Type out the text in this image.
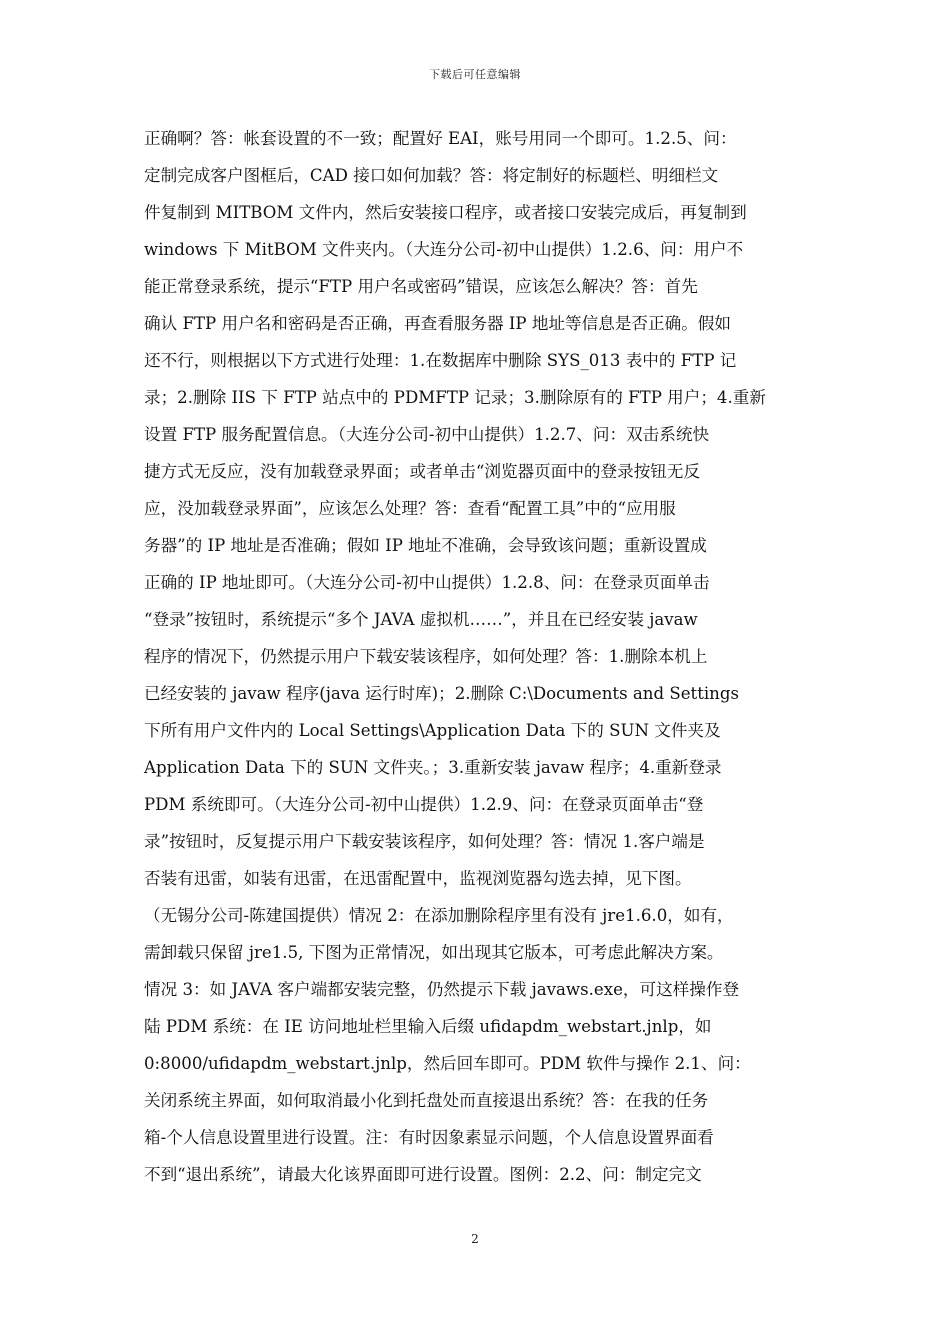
下载后可任意编辑
正确啊？答：帐套设置的不一致；配置好 EAI，账号用同一个即可。1.2.5、问：
定制完成客户图框后，CAD 接口如何加载？答：将定制好的标题栏、明细栏文
件复制到 MITBOM 文件内，然后安装接口程序，或者接口安装完成后，再复制到
windows 下 MitBOM 文件夹内。（大连分公司-初中山提供）1.2.6、问：用户不
能正常登录系统，提示“FTP 用户名或密码”错误，应该怎么解决？答：首先
确认 FTP 用户名和密码是否正确，再查看服务器 IP 地址等信息是否正确。假如
还不行，则根据以下方式进行处理：1.在数据库中删除 SYS_013 表中的 FTP 记
录；2.删除 IIS 下 FTP 站点中的 PDMFTP 记录；3.删除原有的 FTP 用户；4.重新
设置 FTP 服务配置信息。（大连分公司-初中山提供）1.2.7、问：双击系统快
捷方式无反应，没有加载登录界面；或者单击“浏览器页面中的登录按钮无反
应，没加载登录界面”，应该怎么处理？答：查看“配置工具”中的“应用服
务器”的 IP 地址是否准确；假如 IP 地址不准确，会导致该问题；重新设置成
正确的 IP 地址即可。（大连分公司-初中山提供）1.2.8、问：在登录页面单击
“登录”按钮时，系统提示“多个 JAVA 虚拟机……”，并且在已经安装 javaw
程序的情况下，仍然提示用户下载安装该程序，如何处理？答：1.删除本机上
已经安装的 javaw 程序(java 运行时库)；2.删除 C:\Documents and Settings
下所有用户文件内的 Local Settings\Application Data 下的 SUN 文件夹及
Application Data 下的 SUN 文件夹。；3.重新安装 javaw 程序；4.重新登录
PDM 系统即可。（大连分公司-初中山提供）1.2.9、问：在登录页面单击“登
录”按钮时，反复提示用户下载安装该程序，如何处理？答：情况 1.客户端是
否装有迅雷，如装有迅雷，在迅雷配置中，监视浏览器勾选去掉，见下图。
（无锡分公司-陈建国提供）情况 2：在添加删除程序里有没有 jre1.6.0，如有，
需卸载只保留 jre1.5, 下图为正常情况，如出现其它版本，可考虑此解决方案。
情况 3：如 JAVA 客户端都安装完整，仍然提示下载 javaws.exe，可这样操作登
陆 PDM 系统：在 IE 访问地址栏里输入后缀 ufidapdm_webstart.jnlp，如
0:8000/ufidapdm_webstart.jnlp，然后回车即可。PDM 软件与操作 2.1、问：
关闭系统主界面，如何取消最小化到托盘处而直接退出系统？答：在我的任务
箱-个人信息设置里进行设置。注：有时因象素显示问题，个人信息设置界面看
不到“退出系统”，请最大化该界面即可进行设置。图例：2.2、问：制定完文
2
